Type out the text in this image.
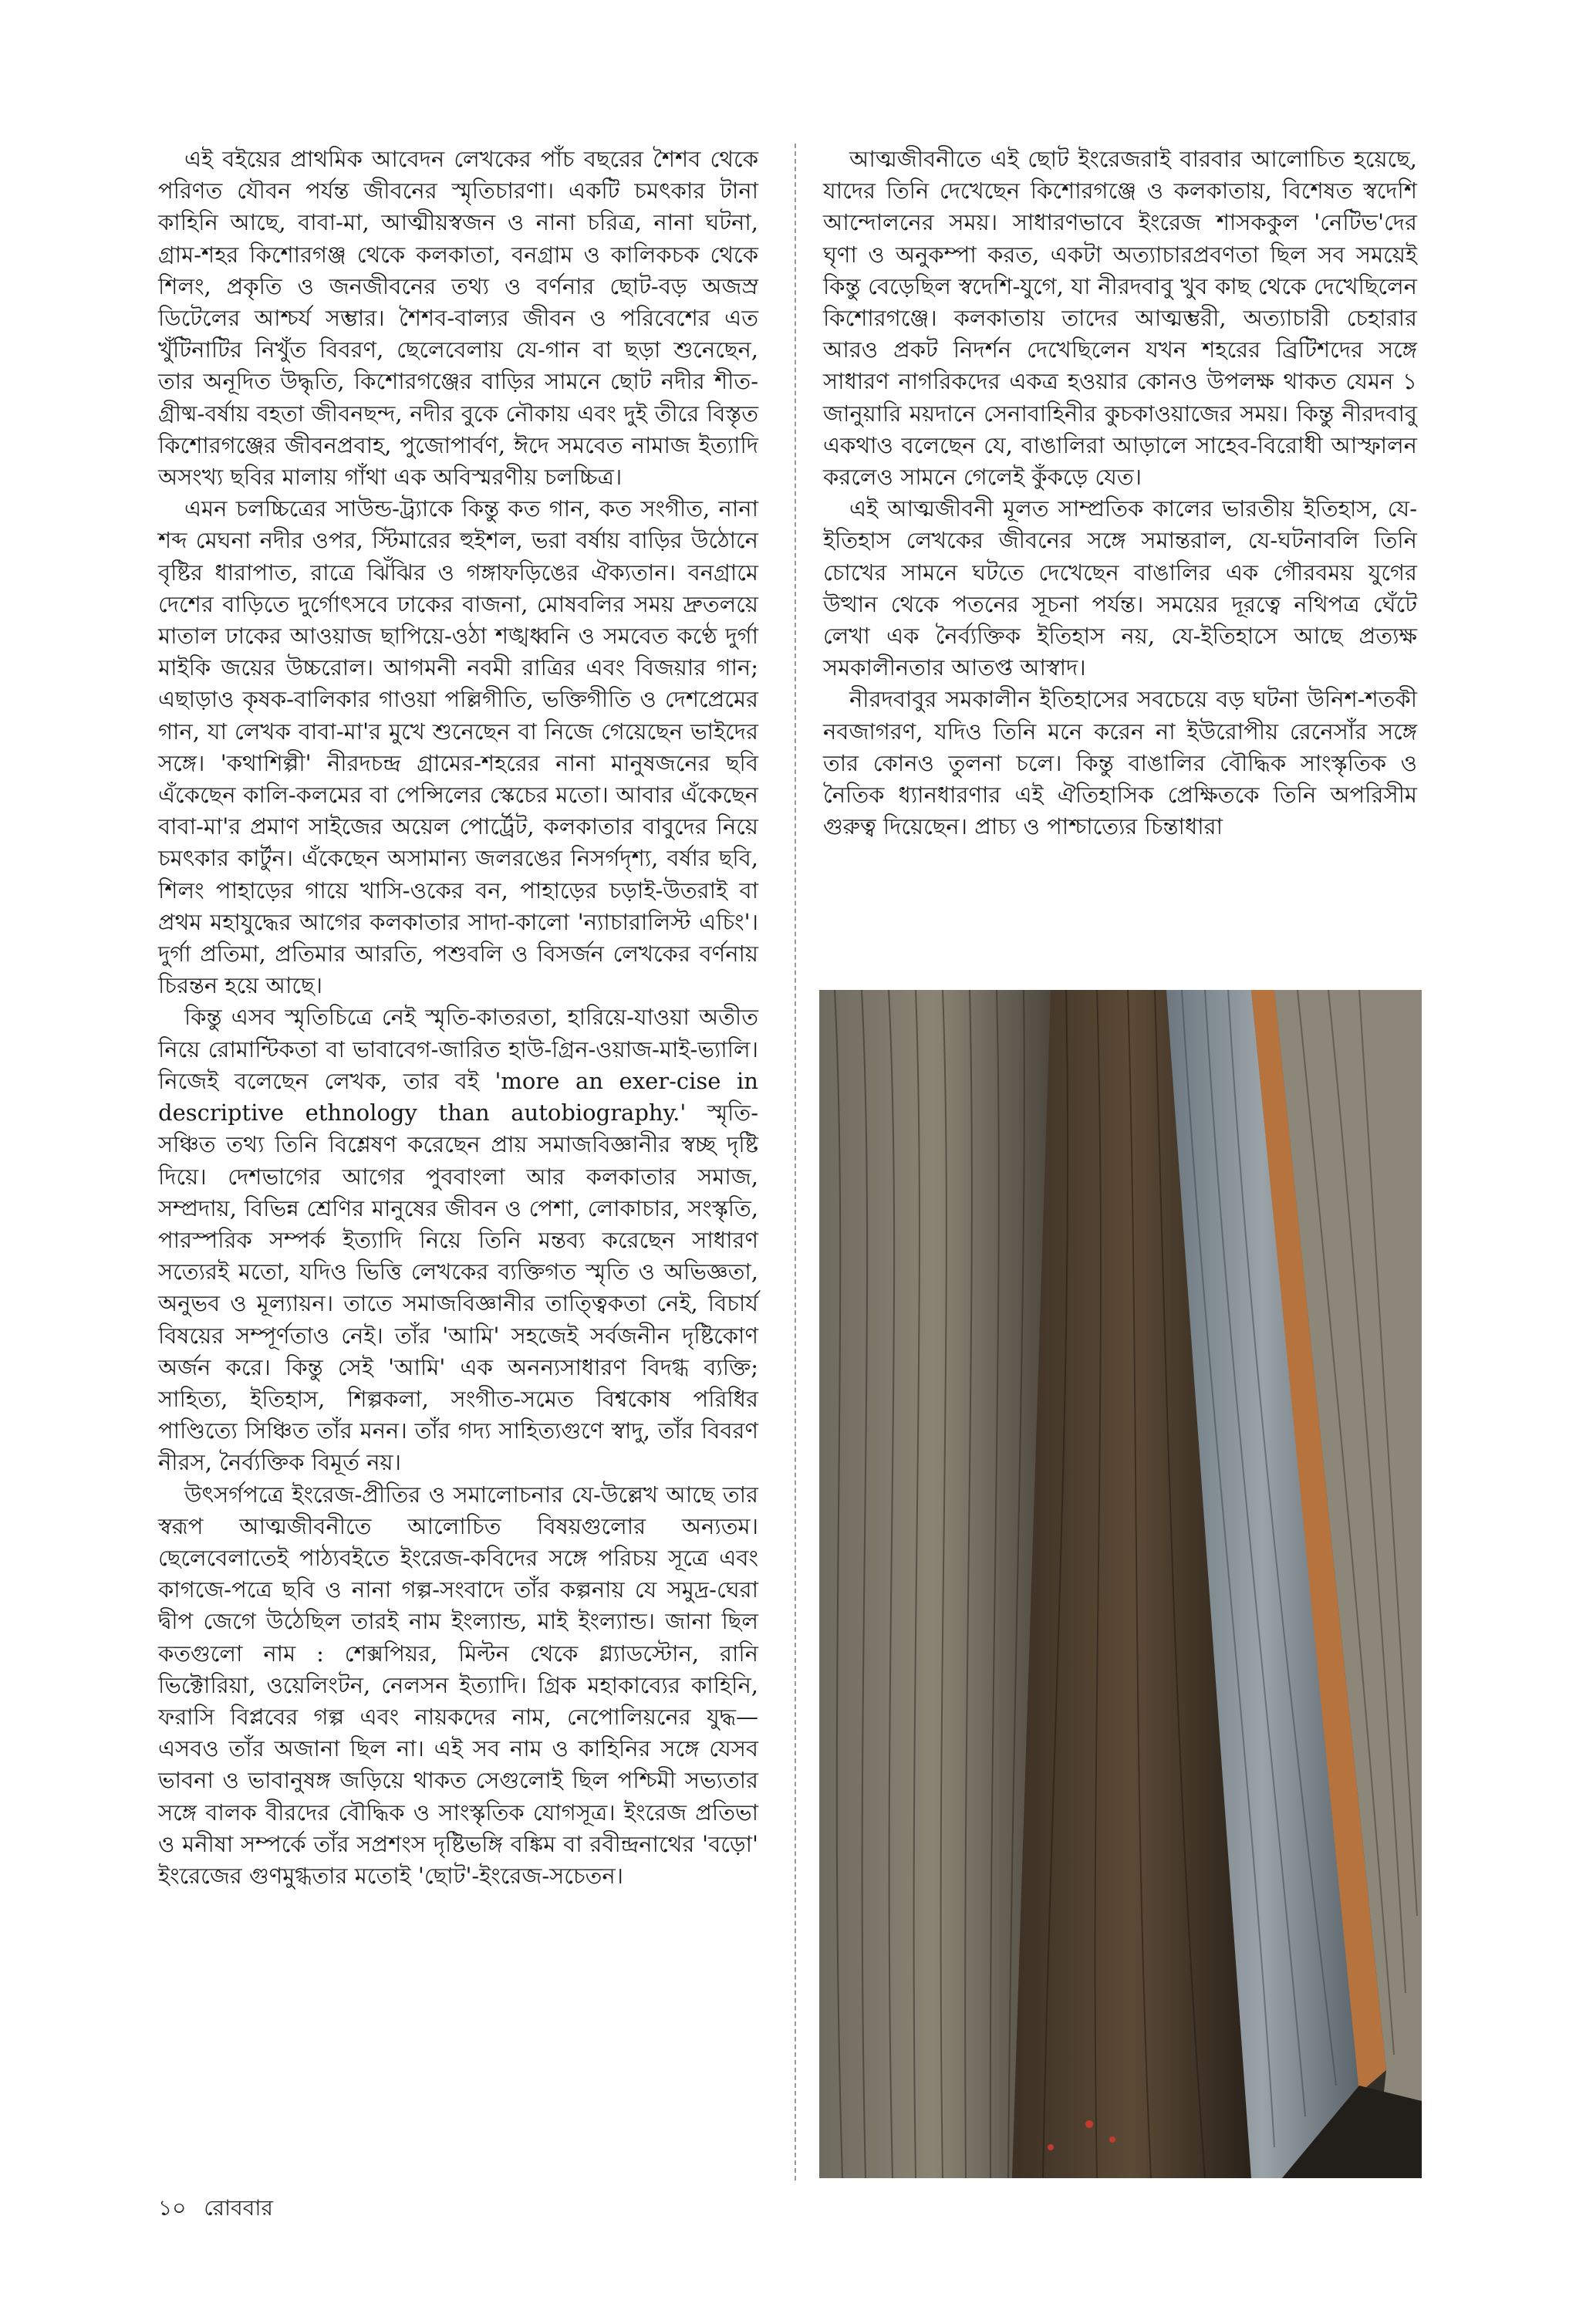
এই বইয়ের প্রাথমিক আবেদন লেখকের পাঁচ বছরের শৈশব থেকে পরিণত যৌবন পর্যন্ত জীবনের স্মৃতিচারণা। একটি চমৎকার টানা কাহিনি আছে, বাবা-মা, আত্মীয়স্বজন ও নানা চরিত্র, নানা ঘটনা, গ্রাম-শহর কিশোরগঞ্জ থেকে কলকাতা, বনগ্রাম ও কালিকচক থেকে শিলং, প্রকৃতি ও জনজীবনের তথ্য ও বর্ণনার ছোট-বড় অজস্র ডিটেলের আশ্চর্য সম্ভার। শৈশব-বাল্যর জীবন ও পরিবেশের এত খুঁটিনাটির নিখুঁত বিবরণ, ছেলেবেলায় যে-গান বা ছড়া শুনেছেন, তার অনূদিত উদ্ধৃতি, কিশোরগঞ্জের বাড়ির সামনে ছোট নদীর শীত-গ্রীষ্ম-বর্ষায় বহতা জীবনছন্দ, নদীর বুকে নৌকায় এবং দুই তীরে বিস্তৃত কিশোরগঞ্জের জীবনপ্রবাহ, পুজোপার্বণ, ঈদে সমবেত নামাজ ইত্যাদি অসংখ্য ছবির মালায় গাঁথা এক অবিস্মরণীয় চলচ্চিত্র।

এমন চলচ্চিত্রের সাউন্ড-ট্র্যাকে কিন্তু কত গান, কত সংগীত, নানা শব্দ মেঘনা নদীর ওপর, স্টিমারের হুইশল, ভরা বর্ষায় বাড়ির উঠোনে বৃষ্টির ধারাপাত, রাত্রে ঝিঁঝির ও গঙ্গাফড়িঙের ঐক্যতান। বনগ্রামে দেশের বাড়িতে দুর্গোৎসবে ঢাকের বাজনা, মোষবলির সময় দ্রুতলয়ে মাতাল ঢাকের আওয়াজ ছাপিয়ে-ওঠা শঙ্খধ্বনি ও সমবেত কণ্ঠে দুর্গা মাইকি জয়ের উচ্চরোল। আগমনী নবমী রাত্রির এবং বিজয়ার গান; এছাড়াও কৃষক-বালিকার গাওয়া পল্লিগীতি, ভক্তিগীতি ও দেশপ্রেমের গান, যা লেখক বাবা-মা'র মুখে শুনেছেন বা নিজে গেয়েছেন ভাইদের সঙ্গে। 'কথাশিল্পী' নীরদচন্দ্র গ্রামের-শহরের নানা মানুষজনের ছবি এঁকেছেন কালি-কলমের বা পেন্সিলের স্কেচের মতো। আবার এঁকেছেন বাবা-মা'র প্রমাণ সাইজের অয়েল পোর্ট্রেট, কলকাতার বাবুদের নিয়ে চমৎকার কার্টুন। এঁকেছেন অসামান্য জলরঙের নিসর্গদৃশ্য, বর্ষার ছবি, শিলং পাহাড়ের গায়ে খাসি-ওকের বন, পাহাড়ের চড়াই-উতরাই বা প্রথম মহাযুদ্ধের আগের কলকাতার সাদা-কালো 'ন্যাচারালিস্ট এচিং'। দুর্গা প্রতিমা, প্রতিমার আরতি, পশুবলি ও বিসর্জন লেখকের বর্ণনায় চিরন্তন হয়ে আছে।

কিন্তু এসব স্মৃতিচিত্রে নেই স্মৃতি-কাতরতা, হারিয়ে-যাওয়া অতীত নিয়ে রোমান্টিকতা বা ভাবাবেগ-জারিত হাউ-গ্রিন-ওয়াজ-মাই-ভ্যালি। নিজেই বলেছেন লেখক, তার বই 'more an exer-cise in descriptive ethnology than autobiography.' স্মৃতি-সঞ্চিত তথ্য তিনি বিশ্লেষণ করেছেন প্রায় সমাজবিজ্ঞানীর স্বচ্ছ দৃষ্টি দিয়ে। দেশভাগের আগের পুববাংলা আর কলকাতার সমাজ, সম্প্রদায়, বিভিন্ন শ্রেণির মানুষের জীবন ও পেশা, লোকাচার, সংস্কৃতি, পারস্পরিক সম্পর্ক ইত্যাদি নিয়ে তিনি মন্তব্য করেছেন সাধারণ সত্যেরই মতো, যদিও ভিত্তি লেখকের ব্যক্তিগত স্মৃতি ও অভিজ্ঞতা, অনুভব ও মূল্যায়ন। তাতে সমাজবিজ্ঞানীর তাত্ত্বিকতা নেই, বিচার্য বিষয়ের সম্পূর্ণতাও নেই। তাঁর 'আমি' সহজেই সর্বজনীন দৃষ্টিকোণ অর্জন করে। কিন্তু সেই 'আমি' এক অনন্যসাধারণ বিদগ্ধ ব্যক্তি; সাহিত্য, ইতিহাস, শিল্পকলা, সংগীত-সমেত বিশ্বকোষ পরিধির পাণ্ডিত্যে সিঞ্চিত তাঁর মনন। তাঁর গদ্য সাহিত্যগুণে স্বাদু, তাঁর বিবরণ নীরস, নৈর্ব্যক্তিক বিমূর্ত নয়।

উৎসর্গপত্রে ইংরেজ-প্রীতির ও সমালোচনার যে-উল্লেখ আছে তার স্বরূপ আত্মজীবনীতে আলোচিত বিষয়গুলোর অন্যতম। ছেলেবেলাতেই পাঠ্যবইতে ইংরেজ-কবিদের সঙ্গে পরিচয় সূত্রে এবং কাগজে-পত্রে ছবি ও নানা গল্প-সংবাদে তাঁর কল্পনায় যে সমুদ্র-ঘেরা দ্বীপ জেগে উঠেছিল তারই নাম ইংল্যান্ড, মাই ইংল্যান্ড। জানা ছিল কতগুলো নাম : শেক্সপিয়র, মিল্টন থেকে গ্ল্যাডস্টোন, রানি ভিক্টোরিয়া, ওয়েলিংটন, নেলসন ইত্যাদি। গ্রিক মহাকাব্যের কাহিনি, ফরাসি বিপ্লবের গল্প এবং নায়কদের নাম, নেপোলিয়নের যুদ্ধ—এসবও তাঁর অজানা ছিল না। এই সব নাম ও কাহিনির সঙ্গে যেসব ভাবনা ও ভাবানুষঙ্গ জড়িয়ে থাকত সেগুলোই ছিল পশ্চিমী সভ্যতার সঙ্গে বালক বীরদের বৌদ্ধিক ও সাংস্কৃতিক যোগসূত্র। ইংরেজ প্রতিভা ও মনীষা সম্পর্কে তাঁর সপ্রশংস দৃষ্টিভঙ্গি বঙ্কিম বা রবীন্দ্রনাথের 'বড়ো' ইংরেজের গুণমুগ্ধতার মতোই 'ছোট'-ইংরেজ-সচেতন।

আত্মজীবনীতে এই ছোট ইংরেজরাই বারবার আলোচিত হয়েছে, যাদের তিনি দেখেছেন কিশোরগঞ্জে ও কলকাতায়, বিশেষত স্বদেশি আন্দোলনের সময়। সাধারণভাবে ইংরেজ শাসককুল 'নেটিভ'দের ঘৃণা ও অনুকম্পা করত, একটা অত্যাচারপ্রবণতা ছিল সব সময়েই কিন্তু বেড়েছিল স্বদেশি-যুগে, যা নীরদবাবু খুব কাছ থেকে দেখেছিলেন কিশোরগঞ্জে। কলকাতায় তাদের আত্মম্ভরী, অত্যাচারী চেহারার আরও প্রকট নিদর্শন দেখেছিলেন যখন শহরের ব্রিটিশদের সঙ্গে সাধারণ নাগরিকদের একত্র হওয়ার কোনও উপলক্ষ থাকত যেমন ১ জানুয়ারি ময়দানে সেনাবাহিনীর কুচকাওয়াজের সময়। কিন্তু নীরদবাবু একথাও বলেছেন যে, বাঙালিরা আড়ালে সাহেব-বিরোধী আস্ফালন করলেও সামনে গেলেই কুঁকড়ে যেত।

এই আত্মজীবনী মূলত সাম্প্রতিক কালের ভারতীয় ইতিহাস, যে-ইতিহাস লেখকের জীবনের সঙ্গে সমান্তরাল, যে-ঘটনাবলি তিনি চোখের সামনে ঘটতে দেখেছেন বাঙালির এক গৌরবময় যুগের উত্থান থেকে পতনের সূচনা পর্যন্ত। সময়ের দূরত্বে নথিপত্র ঘেঁটে লেখা এক নৈর্ব্যক্তিক ইতিহাস নয়, যে-ইতিহাসে আছে প্রত্যক্ষ সমকালীনতার আতপ্ত আস্বাদ।

নীরদবাবুর সমকালীন ইতিহাসের সবচেয়ে বড় ঘটনা উনিশ-শতকী নবজাগরণ, যদিও তিনি মনে করেন না ইউরোপীয় রেনেসাঁর সঙ্গে তার কোনও তুলনা চলে। কিন্তু বাঙালির বৌদ্ধিক সাংস্কৃতিক ও নৈতিক ধ্যানধারণার এই ঐতিহাসিক প্রেক্ষিতকে তিনি অপরিসীম গুরুত্ব দিয়েছেন। প্রাচ্য ও পাশ্চাত্যের চিন্তাধারা

১০ রোববার
